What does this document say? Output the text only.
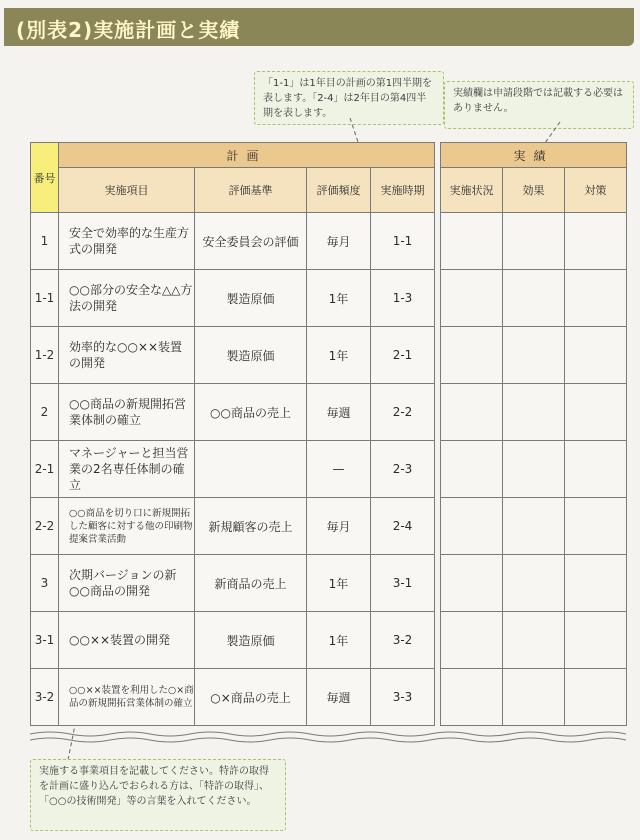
(別表2)実施計画と実績
「1-1」は1年目の計画の第1四半期を表します。「2-4」は2年目の第4四半期を表します。
実績欄は申請段階では記載する必要はありません。
番号	計画					実績		
	実施項目	評価基準	評価頻度	実施時期		実施状況	効果	対策
1	安全で効率的な生産方式の開発	安全委員会の評価	毎月	1-1				
1-1	○○部分の安全な△△方法の開発	製造原価	1年	1-3				
1-2	効率的な○○××装置の開発	製造原価	1年	2-1				
2	○○商品の新規開拓営業体制の確立	○○商品の売上	毎週	2-2				
2-1	マネージャーと担当営業の2名専任体制の確立		—	2-3				
2-2	○○商品を切り口に新規開拓した顧客に対する他の印刷物提案営業活動	新規顧客の売上	毎月	2-4				
3	次期バージョンの新○○商品の開発	新商品の売上	1年	3-1				
3-1	○○××装置の開発	製造原価	1年	3-2				
3-2	○○××装置を利用した○×商品の新規開拓営業体制の確立	○×商品の売上	毎週	3-3				
実施する事業項目を記載してください。特許の取得を計画に盛り込んでおられる方は、「特許の取得」、「○○の技術開発」等の言葉を入れてください。
